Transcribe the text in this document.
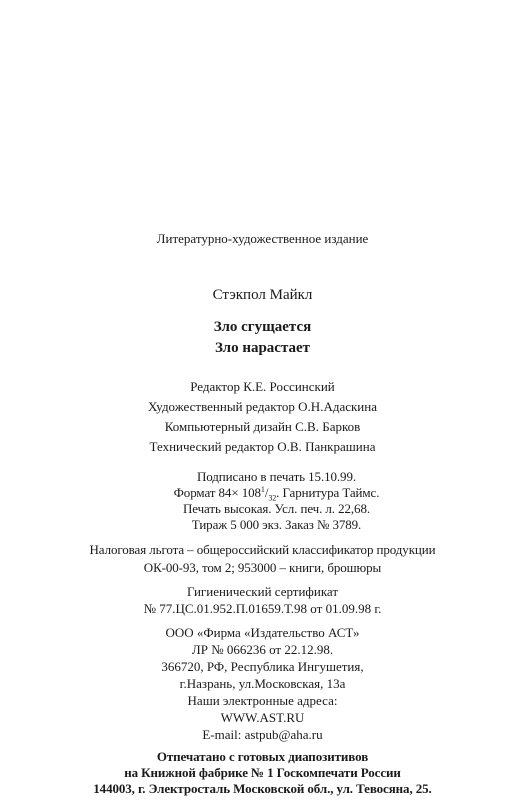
Литературно-художественное издание
Стэкпол Майкл
Зло сгущается
Зло нарастает
Редактор К.Е. Россинский
Художественный редактор О.Н.Адаскина
Компьютерный дизайн С.В. Барков
Технический редактор О.В. Панкрашина
Подписано в печать 15.10.99.
Формат $84\times 108^1/_{32}$. Гарнитура Таймс.
Печать высокая. Усл. печ. л. 22,68.
Тираж 5 000 экз. Заказ № 3789.
Налоговая льгота – общероссийский классификатор продукции
ОК-00-93, том 2; 953000 – книги, брошюры
Гигиенический сертификат
№ 77.ЦС.01.952.П.01659.Т.98 от 01.09.98 г.
ООО «Фирма «Издательство АСТ»
ЛР № 066236 от 22.12.98.
366720, РФ, Республика Ингушетия,
г.Назрань, ул.Московская, 13а
Наши электронные адреса:
WWW.AST.RU
E-mail: astpub@aha.ru
Отпечатано с готовых диапозитивов
на Книжной фабрике № 1 Госкомпечати России
144003, г. Электросталь Московской обл., ул. Тевосяна, 25.
